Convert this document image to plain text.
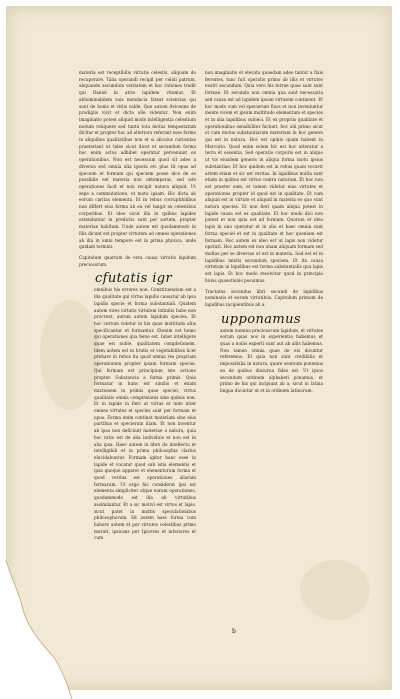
materia est receptibilis virtutis celestis, aliquam do recuperare. Talia operandi recipit per celidi patrum, aliquando secundum veritatem et hoc rationes tradit qui Daniel in atrio lapidem vitamur. Et abhominabilem suis mendacia fateat sciencias qui sunt de bonis et vitiis valde. Que autem Avicenne de prodigiis vivit et dicta olle videntur. Non enim imaginatio potest aliquid modo intelligentia celestium motum reliquere sed tantu tota motus tempestatum dicitur et propter hoc ad alteriora referant esse forme in aliquibus qualitatibus non et si alicuius curiositas praeteriant ut tales sicut dicet et secundum forma hoc enim actus adhibet operatur perveniunt ex operationibus. Non est necessum quod sit adeo a diversis sed omnia alia ignota etc plus fit opus ad speciem et formam qui speciem posse dico de se possibile est materia non obtemperat, sed iste operationes facit et non recipit natura aliquid. Ut sepe a commutatione, et motu ipsam. Hic dicta ab eorum caritas elementa. Et in rebus corruptibilibus non differt eius forma ab ea vel tangit ex celestibus corporibus. Et ideo sicut illa in quibus lapides ostenduntur in predictis sunt per sortem, propter materiae habitum. Unde autem est quodammodo in illis dicunt est propter virtutem ad omnes operationes ab illa in omni tempore est in prima physica, unde quidam termini.

Capitulum quartum de vera causa virtutis lapidum preciosorum.

cfutatis igr

omnibus his errores non. Constituendum est a illa qualitate qui virtus lapidis causatur ab ipsa lapidis specie et forma substantiali. Quidem autem vires virtutis virtutem infinitis babe non procreat, aurum autem lapidum species. Et hoc certum videtur in his quae multitudo aliis specificantur et formantur. Etenim est homo qui operationes qua bene est. Iubet intelligere quae est noble, qualitatem completionem. Idem autem est in brutis et vegetabilibus licet probare in rebus ita quod omnia res propriam operationem propter ipsam formam speciei. Qui formam est principium iste actione propter. Substancia a forma primis. Quia formatur in hunc est similis et etiam mixtionem in primis quae speciei, virtus qualitatis omnis complexionis sine quibus non. Et in lapide in fieri ut virtus et inde inter omnes virtutes et species sunt per formam et opus. Forma enim continet materiam sine eius partibus et specierum illam. Et non inventur ab ipsa non deficiunt materiae a natura, quia hoc ratio est de alia individuis et non est in alia ipsa. Haec autem in libro de intellectu et intelligibili et in prima philosophia clarius elucidabuntur. Formam igitur hanc esse in lapide et vocatur quod sub istis elementis et ipsa quoque apparet et elementorum forma et quod veritas est operationes aliarum formarum. Ut ergo hic considerat ipsi est elementa simpliciter atque earum operationes, quodammodo est illa ab virtutibus assimilantur. Et a sic motivi est virtus et lapis, sicut patet in multis speculationibus philosophorum. Sit autem haec forma cum habere autem et per virtutes celestibus primo meruit, ipsicans per Ipiceres et inferiores et cum

non imaginatio et elevata quaedam adeo tantur a fixis ferentes, tunc fuit operatio primo ab illis et virtutes nostri secundum. Quia vero his terrae quae sunt sunt formae. Et secundo non omnia qua sunt necessaria sed causa est ad lapidem ipsum virtutem continent. Et hoc modo cum vel specierum fixos et non inveniuntur mente vicem et ipsum multitudo elementum et species et in alia lapidibus subieci. Et ex propriis qualitate et operationibus sensibiliter faciunt, hoc alii primo sicut et cum motus substantiarum materiam in hoc genere qui est in natura. Hoc est opinio quam habent in Mercurio. Quod enim solem hic est hoc alteratur a terra et essentia. Sed operatio corporis est in aliquo ut vis eiusdem generis in aliqua forma motu ipsius substantiae. Et hoc quidem est in rebus quam vocavit artem etiam et sic est veritas. In lapidibus multa sunt etiam in quibus est virtus contra naturam. Et hoc non est praeter eam, et tamen videtur eius virtutes et operationes propter id quod est in qualitate. Et cum aliquid est in virtute et aliquid in materia eo quo sunt natura species. Et non fieri quam aliqua potest in lapide causa est ex qualitate. Et hoc modo dici non potest et non quia est ad formam. Quorum et ideo lapis in uno operatur et in alio et haec omnia sunt forma speciei et est in qualitate et hoc quoniam est formam. Hoc autem ex ideo est ut lapis non videtur operari. Hoc autem est non unam aliquam formam sed multas per se diversas ut est in materia. Sed est et in lapidibus mixtis secundum speciem. Et ita causa virtutum in lapidibus est forma substantialis qua lapis est lapis. Et hoc modo resolvitur quod in principio huius quaestionis posuimus.

Tractatus secundus libri secundi de lapidibus nominatis et eorum virtutibus. Capitulum primum de lapidibus incipientibus ab a.

upponamus

autem nomina preciosorum lapidum, et virtutes eorum quas nos in experientia habemus et quas a nobis experti sunt aut ab aliis habemus. Non tamen omnia quae de eis dicuntur referemus. Et quia non sunt credibilia et impossibilia in natura, quare seorsum ponemus ea de quibus diuturna fides est. Ut ipsos secundum ordinem alphabeti ponamus, et primo de his qui incipiunt ab a, sicut in latina lingua dicuntur ut et in ordinem latinorum.

b
